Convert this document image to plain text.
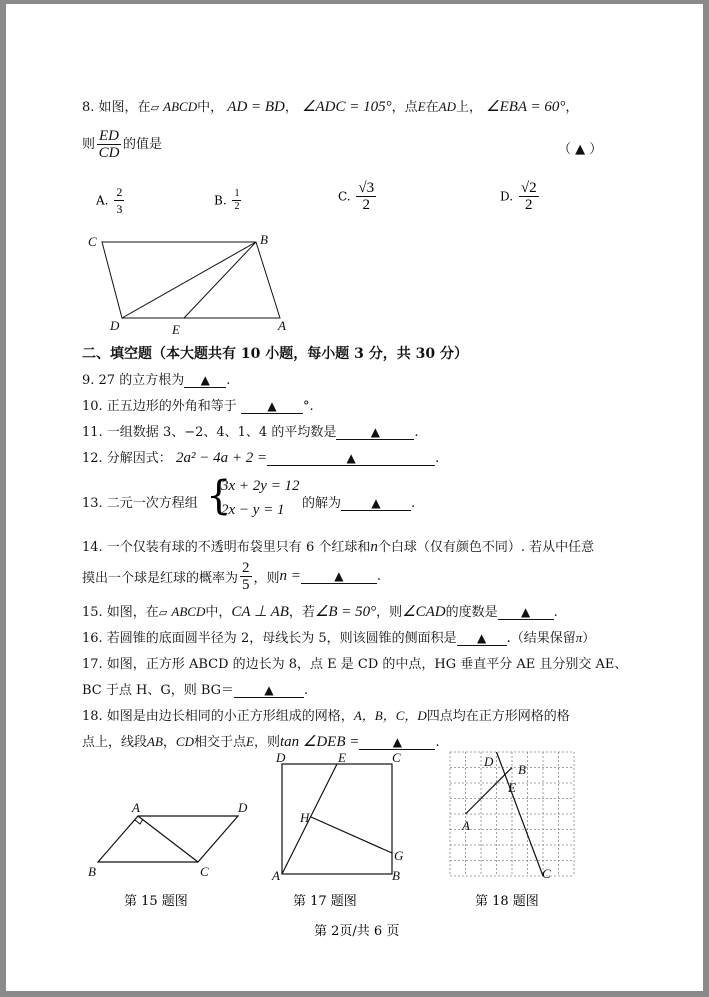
8. 如图，在▱ ABCD中， AD = BD， ∠ADC = 105°，点E在AD上， ∠EBA = 60°，
则 $\frac{ED}{CD}$ 的值是	（ ▲ ）
A. $\frac{2}{3}$	B. $\frac{1}{2}$	C. $\frac{√3}{2}$	D. $\frac{√2}{2}$
C	B
D	E	A
二、填空题（本大题共有 10 小题，每小题 3 分，共 30 分）
9. 27 的立方根为 ▲ .
10. 正五边形的外角和等于	▲ °.
11. 一组数据 3、−2、4、1、4 的平均数是	▲	.
12. 分解因式： 2a² − 4a + 2 =	▲	.
13. 二元一次方程组 {
3x + 2y = 12
2x − y = 1 的解为	▲ .
14. 一个仅装有球的不透明布袋里只有 6 个红球和n个白球（仅有颜色不同）. 若从中任意
摸出一个球是红球的概率为 $\frac{2}{5}$ ，则n =	▲	.
15. 如图，在▱ ABCD中，CA ⊥ AB，若∠B = 50°，则∠CAD的度数是 ▲ .
16. 若圆锥的底面圆半径为 2，母线长为 5，则该圆锥的侧面积是 ▲ .（结果保留π）
17. 如图，正方形 ABCD 的边长为 8，点 E 是 CD 的中点，HG 垂直平分 AE 且分别交 AE、
BC 于点 H、G，则 BG＝	▲ .
18. 如图是由边长相同的小正方形组成的网格，A，B，C，D四点均在正方形网格的格
点上，线段AB，CD相交于点E，则tan ∠DEB =	▲	.
A	D
B	C
第 15 题图
D	E	C
H
G
A	B
第 17 题图
D
B
E
A
C
第 18 题图
第 2页/共 6 页
